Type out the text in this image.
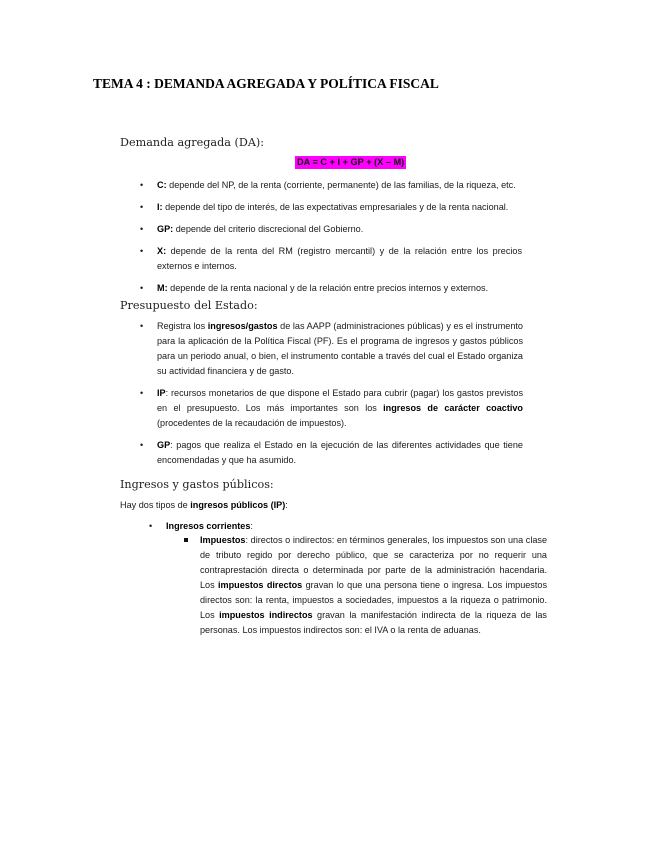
TEMA 4 : DEMANDA AGREGADA Y POLÍTICA FISCAL
Demanda agregada (DA):
DA = C + I + GP + (X – M)
• C: depende del NP, de la renta (corriente, permanente) de las familias, de la riqueza, etc.
• I: depende del tipo de interés, de las expectativas empresariales y de la renta nacional.
• GP: depende del criterio discrecional del Gobierno.
• X: depende de la renta del RM (registro mercantil) y de la relación entre los precios externos e internos.
• M: depende de la renta nacional y de la relación entre precios internos y externos.
Presupuesto del Estado:
• Registra los ingresos/gastos de las AAPP (administraciones públicas) y es el instrumento para la aplicación de la Política Fiscal (PF). Es el programa de ingresos y gastos públicos para un periodo anual, o bien, el instrumento contable a través del cual el Estado organiza su actividad financiera y de gasto.
• IP: recursos monetarios de que dispone el Estado para cubrir (pagar) los gastos previstos en el presupuesto. Los más importantes son los ingresos de carácter coactivo (procedentes de la recaudación de impuestos).
• GP: pagos que realiza el Estado en la ejecución de las diferentes actividades que tiene encomendadas y que ha asumido.
Ingresos y gastos públicos:
Hay dos tipos de ingresos públicos (IP):
• Ingresos corrientes:
Impuestos: directos o indirectos: en términos generales, los impuestos son una clase de tributo regido por derecho público, que se caracteriza por no requerir una contraprestación directa o determinada por parte de la administración hacendaria. Los impuestos directos gravan lo que una persona tiene o ingresa. Los impuestos directos son: la renta, impuestos a sociedades, impuestos a la riqueza o patrimonio. Los impuestos indirectos gravan la manifestación indirecta de la riqueza de las personas. Los impuestos indirectos son: el IVA o la renta de aduanas.
